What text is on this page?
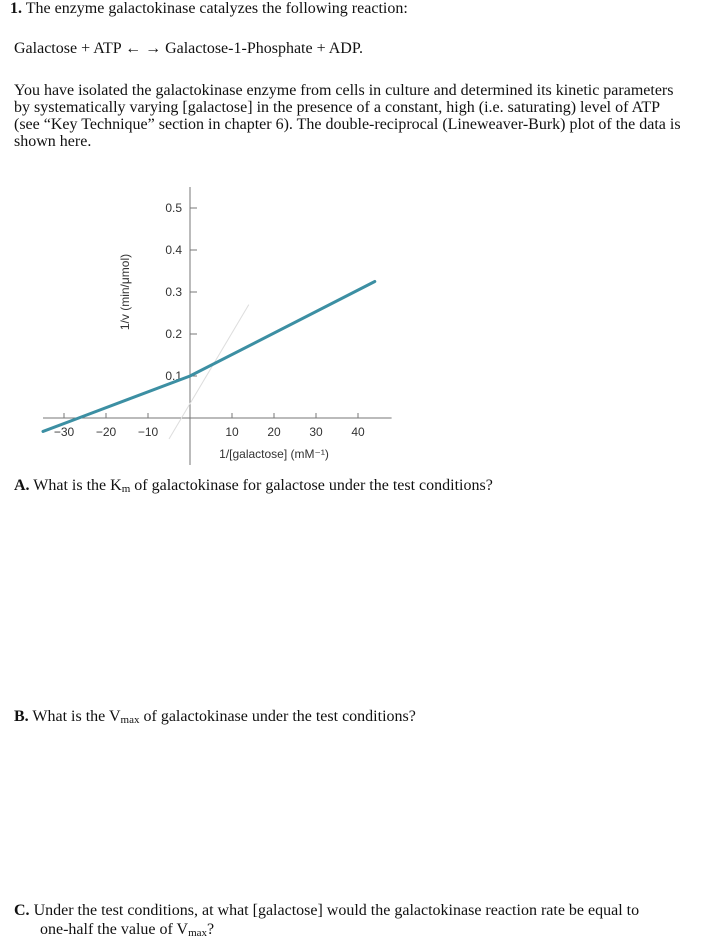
1. The enzyme galactokinase catalyzes the following reaction:
Galactose + ATP ← → Galactose-1-Phosphate + ADP.
You have isolated the galactokinase enzyme from cells in culture and determined its kinetic parameters by systematically varying [galactose] in the presence of a constant, high (i.e. saturating) level of ATP (see “Key Technique” section in chapter 6). The double-reciprocal (Lineweaver-Burk) plot of the data is shown here.
−30 −20 −10	10 20 30 40
0.1
0.2
0.3
0.4
0.5
1/[galactose] (mM⁻¹)
1/v (min/μmol)
A. What is the Km of galactokinase for galactose under the test conditions?
B. What is the Vmax of galactokinase under the test conditions?
C. Under the test conditions, at what [galactose] would the galactokinase reaction rate be equal to
one-half the value of Vmax?
